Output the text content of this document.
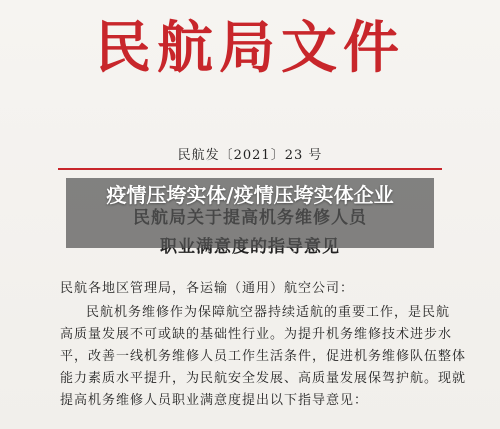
民航局文件
民航发〔2021〕23 号
民航各地区管理局，各运输（通用）航空公司：
民航机务维修作为保障航空器持续适航的重要工作，是民航
高质量发展不可或缺的基础性行业。为提升机务维修技术进步水
平，改善一线机务维修人员工作生活条件，促进机务维修队伍整体
能力素质水平提升，为民航安全发展、高质量发展保驾护航。现就
提高机务维修人员职业满意度提出以下指导意见：
疫情压垮实体/疫情压垮实体企业
